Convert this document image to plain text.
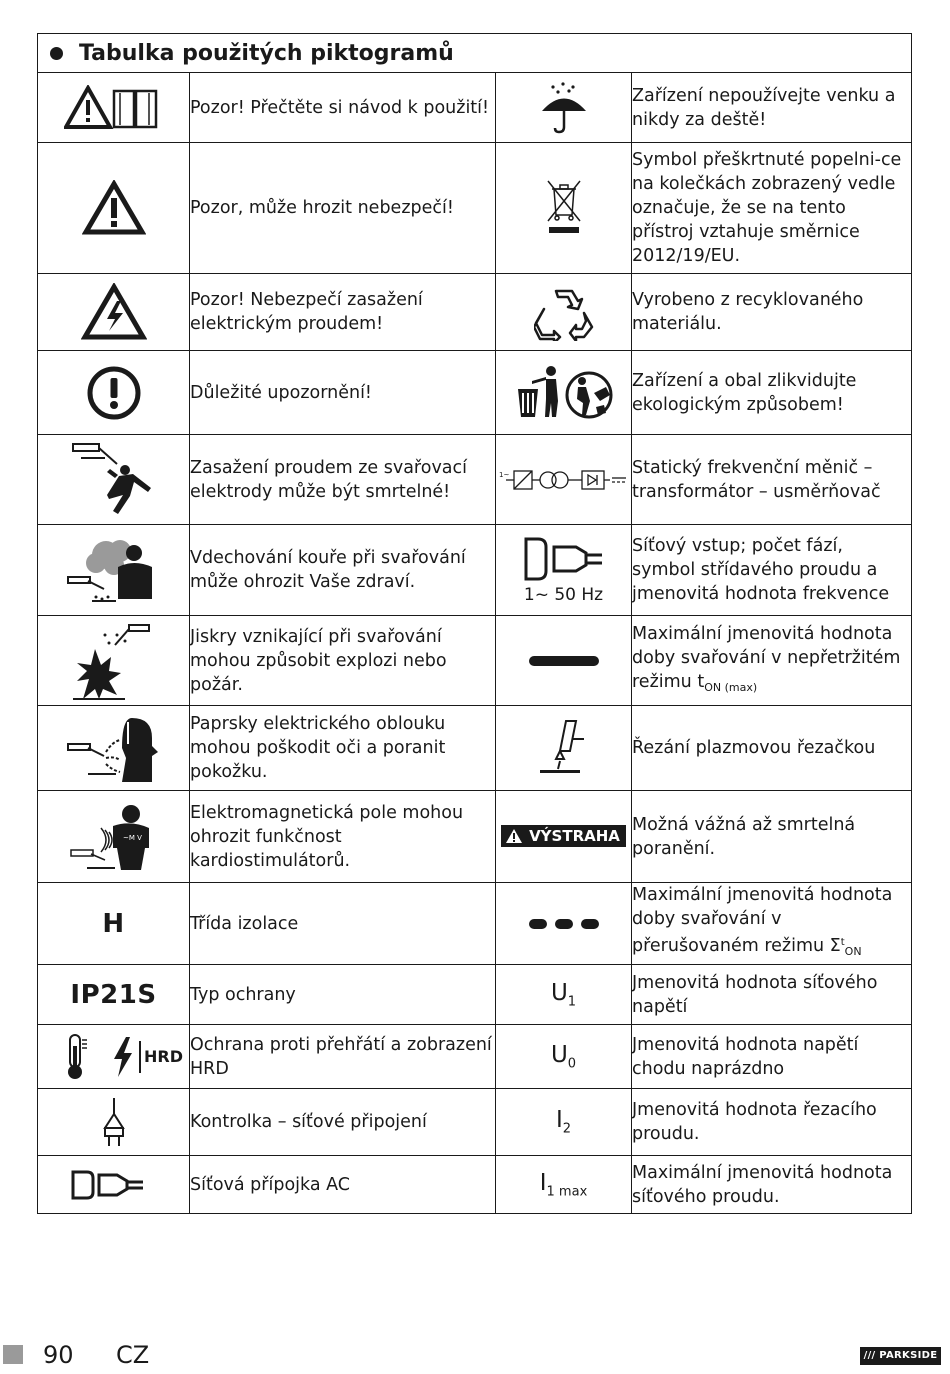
Tabulka použitých piktogramů			

	Pozor! Přečtěte si návod k použití!		Zařízení nepoužívejte venku a nikdy za deště!

	Pozor, může hrozit nebezpečí!		Symbol přeškrtnuté popelni-ce na kolečkách zobrazený vedle označuje, že se na tento přístroj vztahuje směrnice 2012/19/EU.

	Pozor! Nebezpečí zasažení elektrickým proudem!		Vyrobeno z recyklovaného materiálu.

	Důležité upozornění!		Zařízení a obal zlikvidujte ekologickým způsobem!

	Zasažení proudem ze svařovací elektrody může být smrtelné!	1~	Statický frekvenční měnič – transformátor – usměrňovač

	Vdechování kouře při svařování může ohrozit Vaše zdraví.	1~ 50 Hz	Síťový vstup; počet fází, symbol střídavého proudu a jmenovitá hodnota frekvence

	Jiskry vznikající při svařování mohou způsobit explozi nebo požár.		Maximální jmenovitá hodnota doby svařování v nepřetržitém režimu $t_{ON (max)}$

	Paprsky elektrického oblouku mohou poškodit oči a poranit pokožku.		Řezání plazmovou řezačkou

~M V	Elektromagnetická pole mohou ohrozit funkčnost kardiostimulátorů.	VÝSTRAHA	Možná vážná až smrtelná poranění.
H	Třída izolace		Maximální jmenovitá hodnota doby svařování v přerušovaném režimu $\Sigma^t_{ON}$
IP21S	Typ ochrany	$U_1$	Jmenovitá hodnota síťového napětí

HRD	Ochrana proti přehřátí a zobrazení HRD	$U_0$	Jmenovitá hodnota napětí chodu naprázdno

	Kontrolka – síťové připojení	$I_2$	Jmenovitá hodnota řezacího proudu.

	Síťová přípojka AC	$I_{1 max}$	Maximální jmenovitá hodnota síťového proudu.
90 CZ	/// PARKSIDE
